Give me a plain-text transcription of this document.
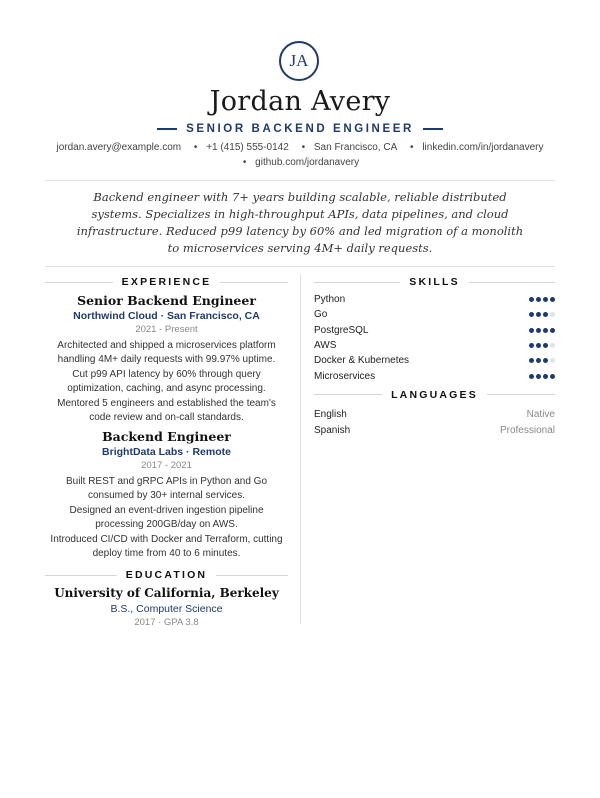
JA
Jordan Avery
SENIOR BACKEND ENGINEER
jordan.avery@example.com • +1 (415) 555-0142 • San Francisco, CA • linkedin.com/in/jordanavery
• github.com/jordanavery
Backend engineer with 7+ years building scalable, reliable distributed systems. Specializes in high-throughput APIs, data pipelines, and cloud infrastructure. Reduced p99 latency by 60% and led migration of a monolith to microservices serving 4M+ daily requests.
EXPERIENCE
Senior Backend Engineer
Northwind Cloud · San Francisco, CA
2021 - Present
Architected and shipped a microservices platform handling 4M+ daily requests with 99.97% uptime.
Cut p99 API latency by 60% through query optimization, caching, and async processing.
Mentored 5 engineers and established the team's code review and on-call standards.
Backend Engineer
BrightData Labs · Remote
2017 - 2021
Built REST and gRPC APIs in Python and Go consumed by 30+ internal services.
Designed an event-driven ingestion pipeline processing 200GB/day on AWS.
Introduced CI/CD with Docker and Terraform, cutting deploy time from 40 to 6 minutes.
EDUCATION
University of California, Berkeley
B.S., Computer Science
2017 · GPA 3.8
SKILLS
Python
Go
PostgreSQL
AWS
Docker & Kubernetes
Microservices
LANGUAGES
English	Native
Spanish	Professional
